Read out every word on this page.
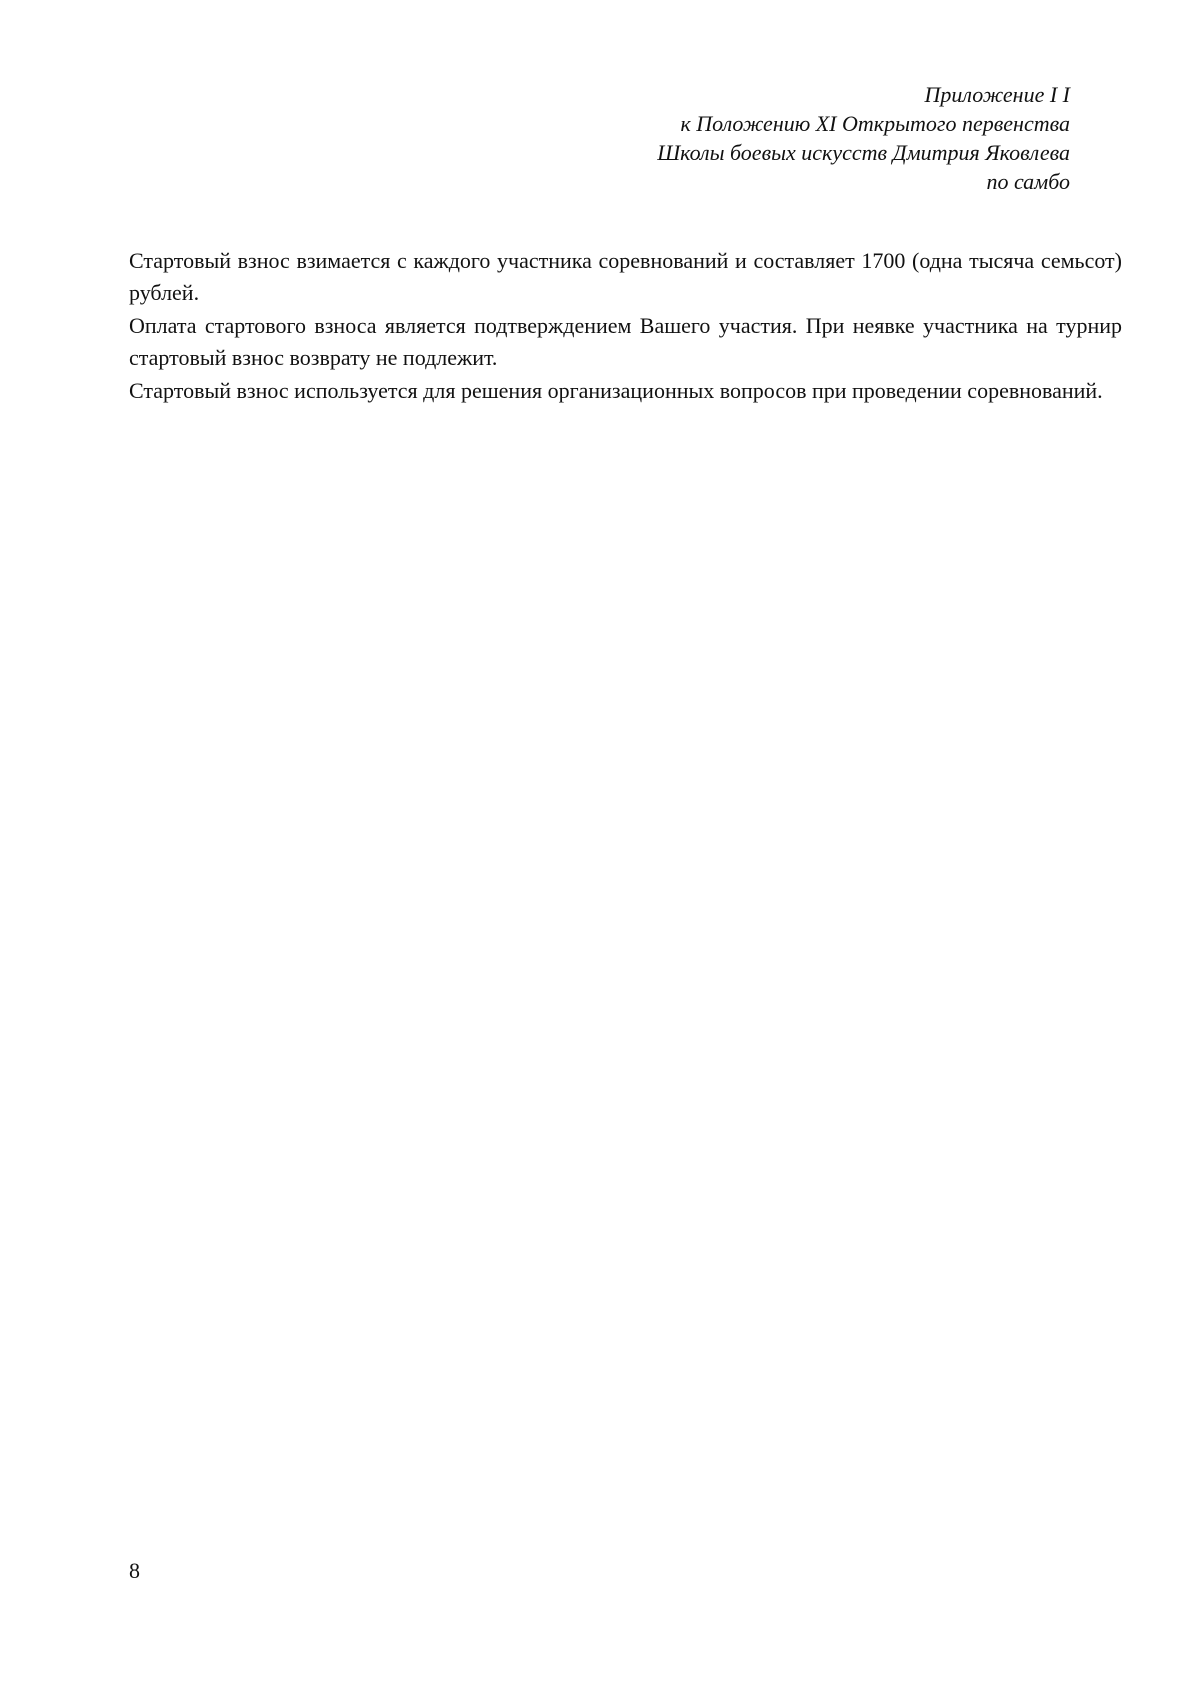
Приложение I I
к Положению XI Открытого первенства
Школы боевых искусств Дмитрия Яковлева
по самбо

Стартовый взнос взимается с каждого участника соревнований и составляет 1700 (одна тысяча семьсот) рублей.

Оплата стартового взноса является подтверждением Вашего участия. При неявке участника на турнир стартовый взнос возврату не подлежит.

Стартовый взнос используется для решения организационных вопросов при проведении соревнований.

8
